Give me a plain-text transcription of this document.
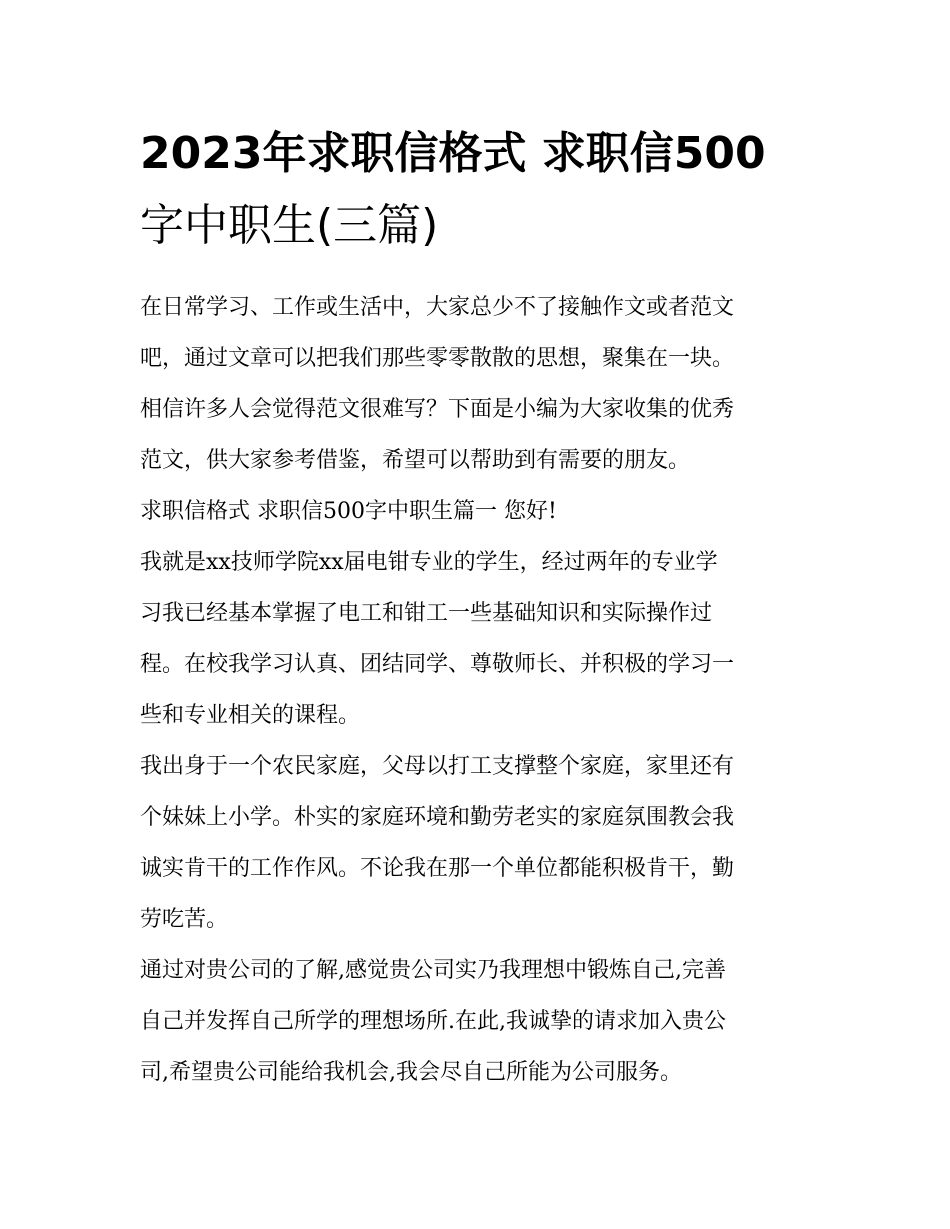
2023年求职信格式 求职信500
字中职生(三篇)

在日常学习、工作或生活中，大家总少不了接触作文或者范文
吧，通过文章可以把我们那些零零散散的思想，聚集在一块。
相信许多人会觉得范文很难写？下面是小编为大家收集的优秀
范文，供大家参考借鉴，希望可以帮助到有需要的朋友。

求职信格式 求职信500字中职生篇一 您好!

我就是xx技师学院xx届电钳专业的学生，经过两年的专业学
习我已经基本掌握了电工和钳工一些基础知识和实际操作过
程。在校我学习认真、团结同学、尊敬师长、并积极的学习一
些和专业相关的课程。

我出身于一个农民家庭，父母以打工支撑整个家庭，家里还有
个妹妹上小学。朴实的家庭环境和勤劳老实的家庭氛围教会我
诚实肯干的工作作风。不论我在那一个单位都能积极肯干，勤
劳吃苦。

通过对贵公司的了解,感觉贵公司实乃我理想中锻炼自己,完善
自己并发挥自己所学的理想场所.在此,我诚挚的请求加入贵公
司,希望贵公司能给我机会,我会尽自己所能为公司服务。
